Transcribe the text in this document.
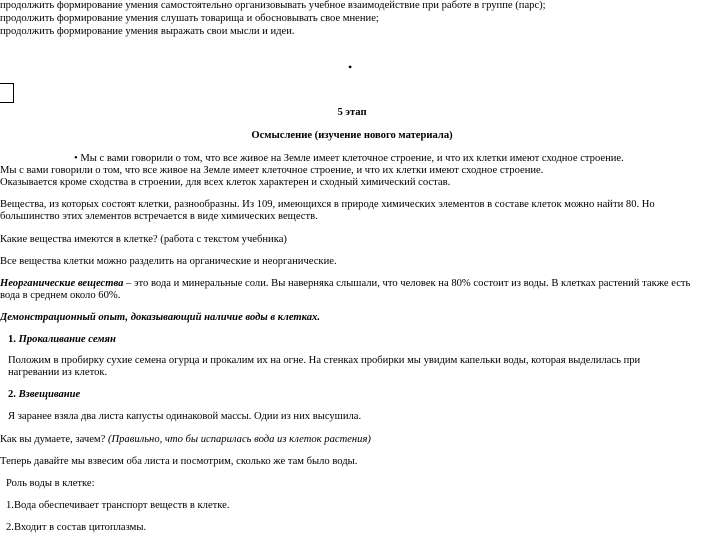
продолжить формирование умения самостоятельно организовывать учебное взаимодействие при работе в группе (парс);
продолжить формирование умения слушать товарища и обосновывать свое мнение;
продолжить формирование умения выражать свои мысли и идеи.
•
5 этап
Осмысление (изучение нового материала)
• Мы с вами говорили о том, что все живое на Земле имеет клеточное строение, и что их клетки имеют сходное строение.
Мы с вами говорили о том, что все живое на Земле имеет клеточное строение, и что их клетки имеют сходное строение.
Оказывается кроме сходства в строении, для всех клеток характерен и сходный химический состав.
Вещества, из которых состоят клетки, разнообразны. Из 109, имеющихся в природе химических элементов в составе клеток можно найти 80. Но
большинство этих элементов встречается в виде химических веществ.
Какие вещества имеются в клетке? (работа с текстом учебника)
Все вещества клетки можно разделить на органические и неорганические.
Неорганические вещества – это вода и минеральные соли. Вы наверняка слышали, что человек на 80% состоит из воды. В клетках растений также есть
вода в среднем около 60%.
Демонстрационный опыт, доказывающий наличие воды в клетках.
1. Прокаливание семян
Положим в пробирку сухие семена огурца и прокалим их на огне. На стенках пробирки мы увидим капельки воды, которая выделилась при
нагревании из клеток.
2. Взвещивание
Я заранее взяла два листа капусты одинаковой массы. Одии из них высушила.
Как вы думаете, зачем? (Правильно, что бы испарилась вода из клеток растения)
Теперь давайте мы взвесим оба листа и посмотрим, сколько же там было воды.
Роль воды в клетке:
1.Вода обеспечивает транспорт веществ в клетке.
2.Входит в состав цитоплазмы.
